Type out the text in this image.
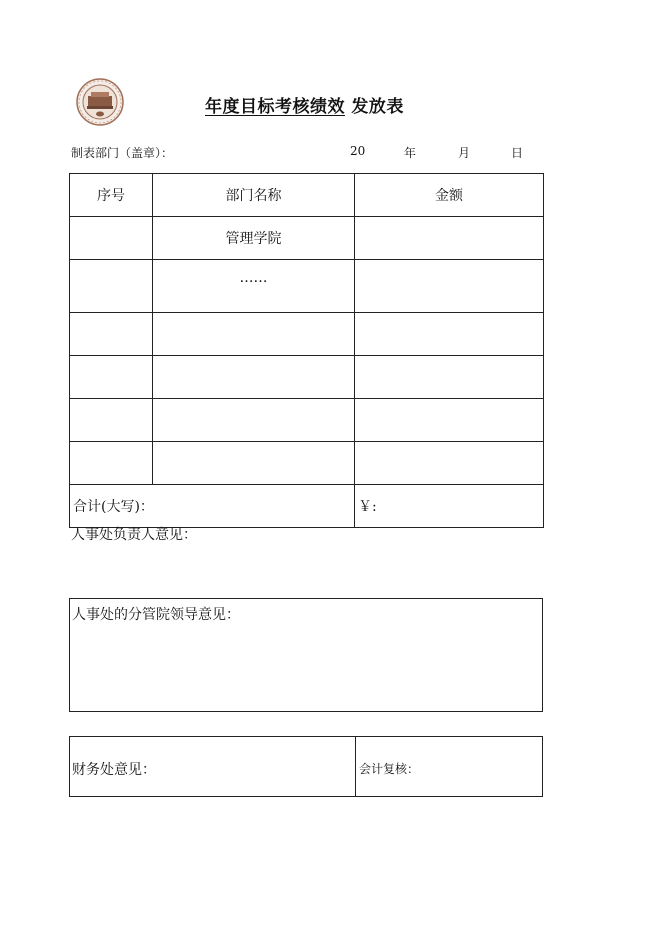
年度目标考核绩效 发放表
制表部门（盖章）：	20	年	月	日
序号	部门名称	金额
	管理学院	
	……	

合计(大写)：		￥:
人事处负责人意见：
人事处的分管院领导意见：
财务处意见：	会计复核：
